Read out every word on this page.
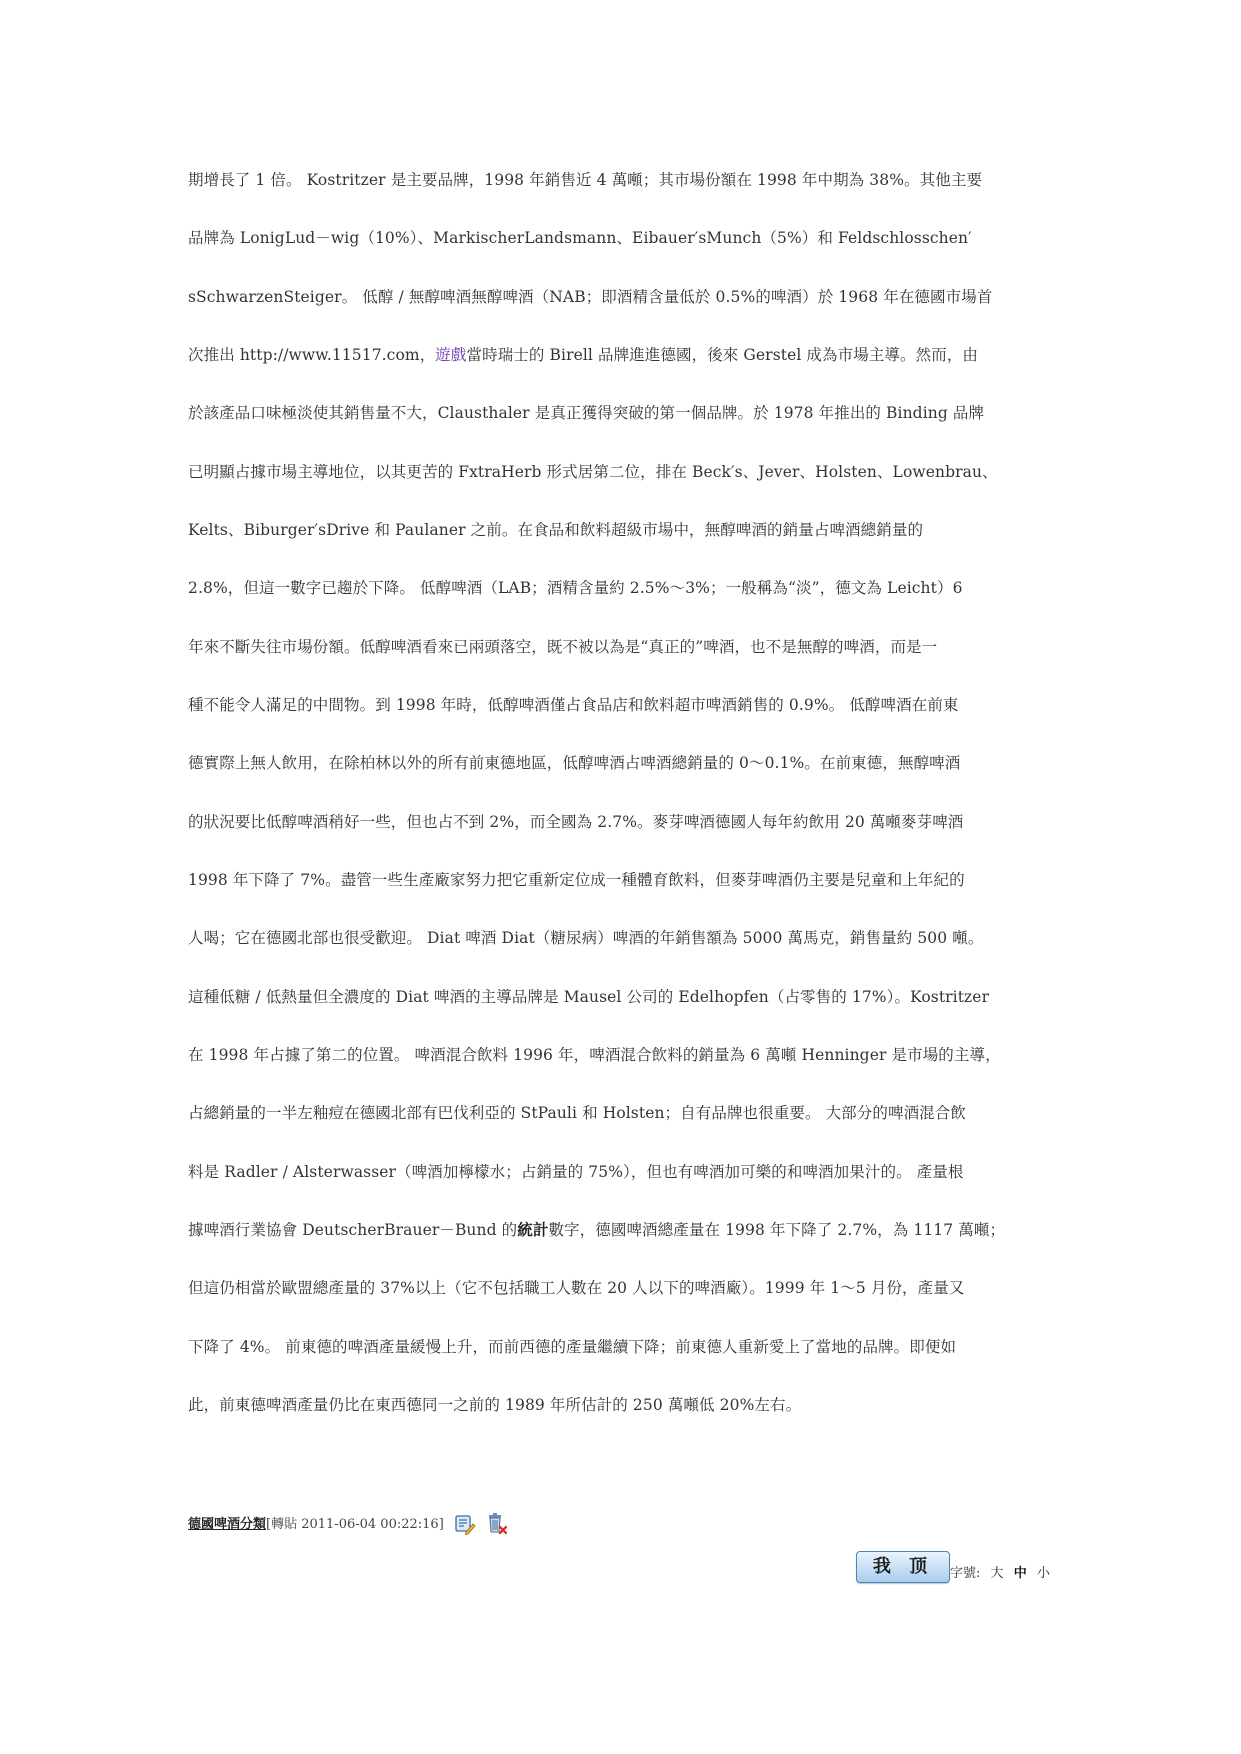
期增長了 1 倍。 Kostritzer 是主要品牌，1998 年銷售近 4 萬噸；其市場份額在 1998 年中期為 38%。其他主要
品牌為 LonigLud－wig（10%）、MarkischerLandsmann、Eibauer′sMunch（5%）和 Feldschlosschen′
sSchwarzenSteiger。 低醇 / 無醇啤酒無醇啤酒（NAB；即酒精含量低於 0.5%的啤酒）於 1968 年在德國市場首
次推出 http://www.11517.com，遊戲當時瑞士的 Birell 品牌進進德國，後來 Gerstel 成為市場主導。然而，由
於該產品口味極淡使其銷售量不大，Clausthaler 是真正獲得突破的第一個品牌。於 1978 年推出的 Binding 品牌
已明顯占據市場主導地位，以其更苦的 FxtraHerb 形式居第二位，排在 Beck′s、Jever、Holsten、Lowenbrau、
Kelts、Biburger′sDrive 和 Paulaner 之前。在食品和飲料超級市場中，無醇啤酒的銷量占啤酒總銷量的
2.8%，但這一數字已趨於下降。 低醇啤酒（LAB；酒精含量約 2.5%～3%；一般稱為“淡”，德文為 Leicht）6
年來不斷失往市場份額。低醇啤酒看來已兩頭落空，既不被以為是“真正的”啤酒，也不是無醇的啤酒，而是一
種不能令人滿足的中間物。到 1998 年時，低醇啤酒僅占食品店和飲料超市啤酒銷售的 0.9%。 低醇啤酒在前東
德實際上無人飲用，在除柏林以外的所有前東德地區，低醇啤酒占啤酒總銷量的 0～0.1%。在前東德，無醇啤酒
的狀況要比低醇啤酒稍好一些，但也占不到 2%，而全國為 2.7%。麥芽啤酒德國人每年約飲用 20 萬噸麥芽啤酒
1998 年下降了 7%。盡管一些生產廠家努力把它重新定位成一種體育飲料，但麥芽啤酒仍主要是兒童和上年紀的
人喝；它在德國北部也很受歡迎。 Diat 啤酒 Diat（糖尿病）啤酒的年銷售額為 5000 萬馬克，銷售量約 500 噸。
這種低糖 / 低熱量但全濃度的 Diat 啤酒的主導品牌是 Mausel 公司的 Edelhopfen（占零售的 17%）。Kostritzer
在 1998 年占據了第二的位置。 啤酒混合飲料 1996 年，啤酒混合飲料的銷量為 6 萬噸 Henninger 是市場的主導，
占總銷量的一半左釉痘在德國北部有巴伐利亞的 StPauli 和 Holsten；自有品牌也很重要。 大部分的啤酒混合飲
料是 Radler / Alsterwasser（啤酒加檸檬水；占銷量的 75%），但也有啤酒加可樂的和啤酒加果汁的。 產量根
據啤酒行業協會 DeutscherBrauer－Bund 的統計數字，德國啤酒總產量在 1998 年下降了 2.7%，為 1117 萬噸；
但這仍相當於歐盟總產量的 37%以上（它不包括職工人數在 20 人以下的啤酒廠）。1999 年 1～5 月份，產量又
下降了 4%。 前東德的啤酒產量緩慢上升，而前西德的產量繼續下降；前東德人重新愛上了當地的品牌。即便如
此，前東德啤酒產量仍比在東西德同一之前的 1989 年所估計的 250 萬噸低 20%左右。
德國啤酒分類[轉貼 2011-06-04 00:22:16]
我 顶	字號: 大 中 小
